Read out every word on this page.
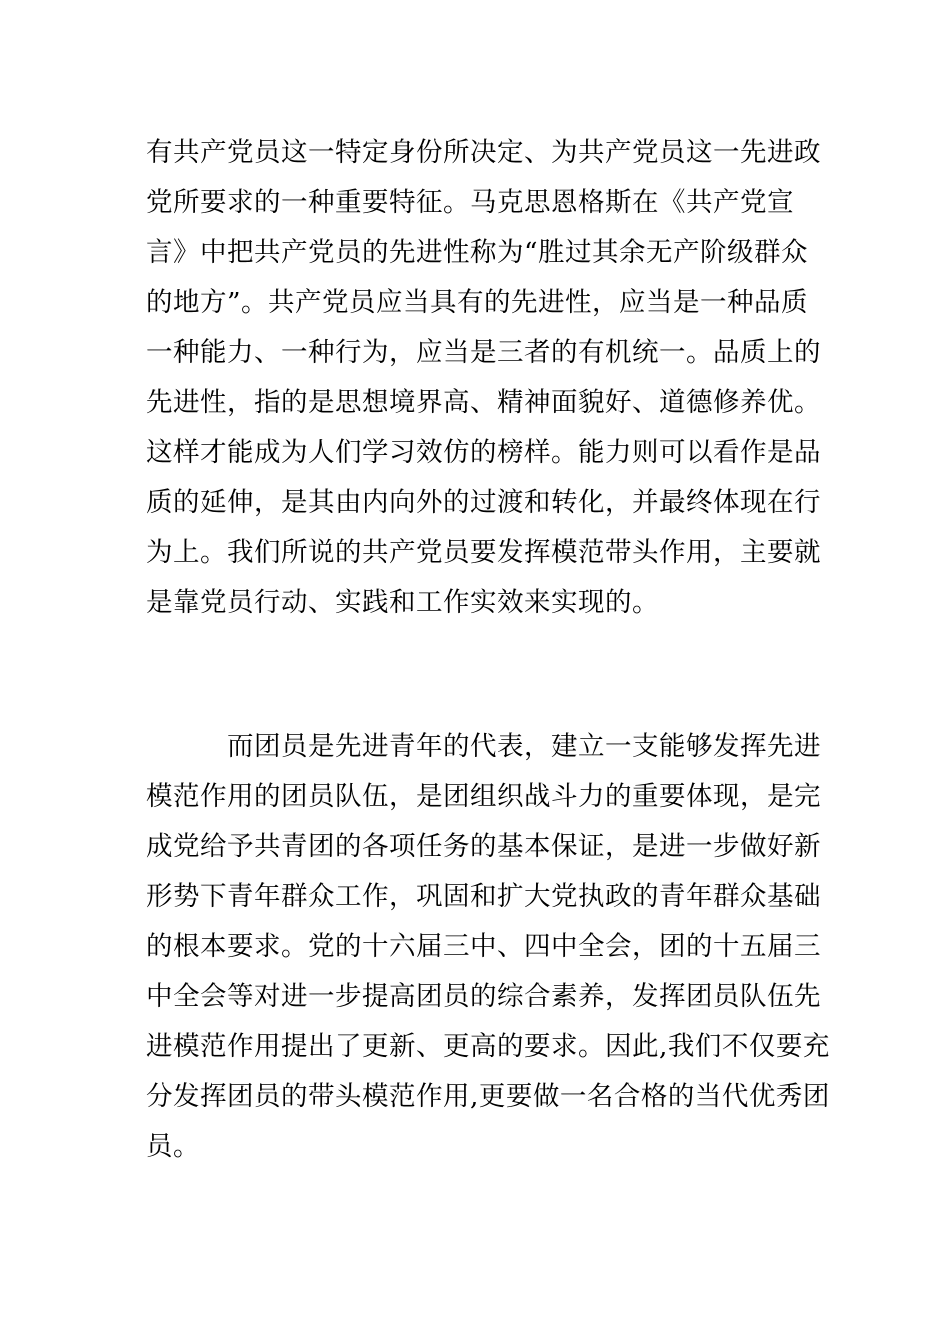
有共产党员这一特定身份所决定、为共产党员这一先进政
党所要求的一种重要特征。马克思恩格斯在《共产党宣
言》中把共产党员的先进性称为“胜过其余无产阶级群众
的地方”。共产党员应当具有的先进性，应当是一种品质
一种能力、一种行为，应当是三者的有机统一。品质上的
先进性，指的是思想境界高、精神面貌好、道德修养优。
这样才能成为人们学习效仿的榜样。能力则可以看作是品
质的延伸，是其由内向外的过渡和转化，并最终体现在行
为上。我们所说的共产党员要发挥模范带头作用，主要就
是靠党员行动、实践和工作实效来实现的。
　　　而团员是先进青年的代表，建立一支能够发挥先进
模范作用的团员队伍，是团组织战斗力的重要体现，是完
成党给予共青团的各项任务的基本保证，是进一步做好新
形势下青年群众工作，巩固和扩大党执政的青年群众基础
的根本要求。党的十六届三中、四中全会，团的十五届三
中全会等对进一步提高团员的综合素养，发挥团员队伍先
进模范作用提出了更新、更高的要求。因此,我们不仅要充
分发挥团员的带头模范作用,更要做一名合格的当代优秀团
员。
